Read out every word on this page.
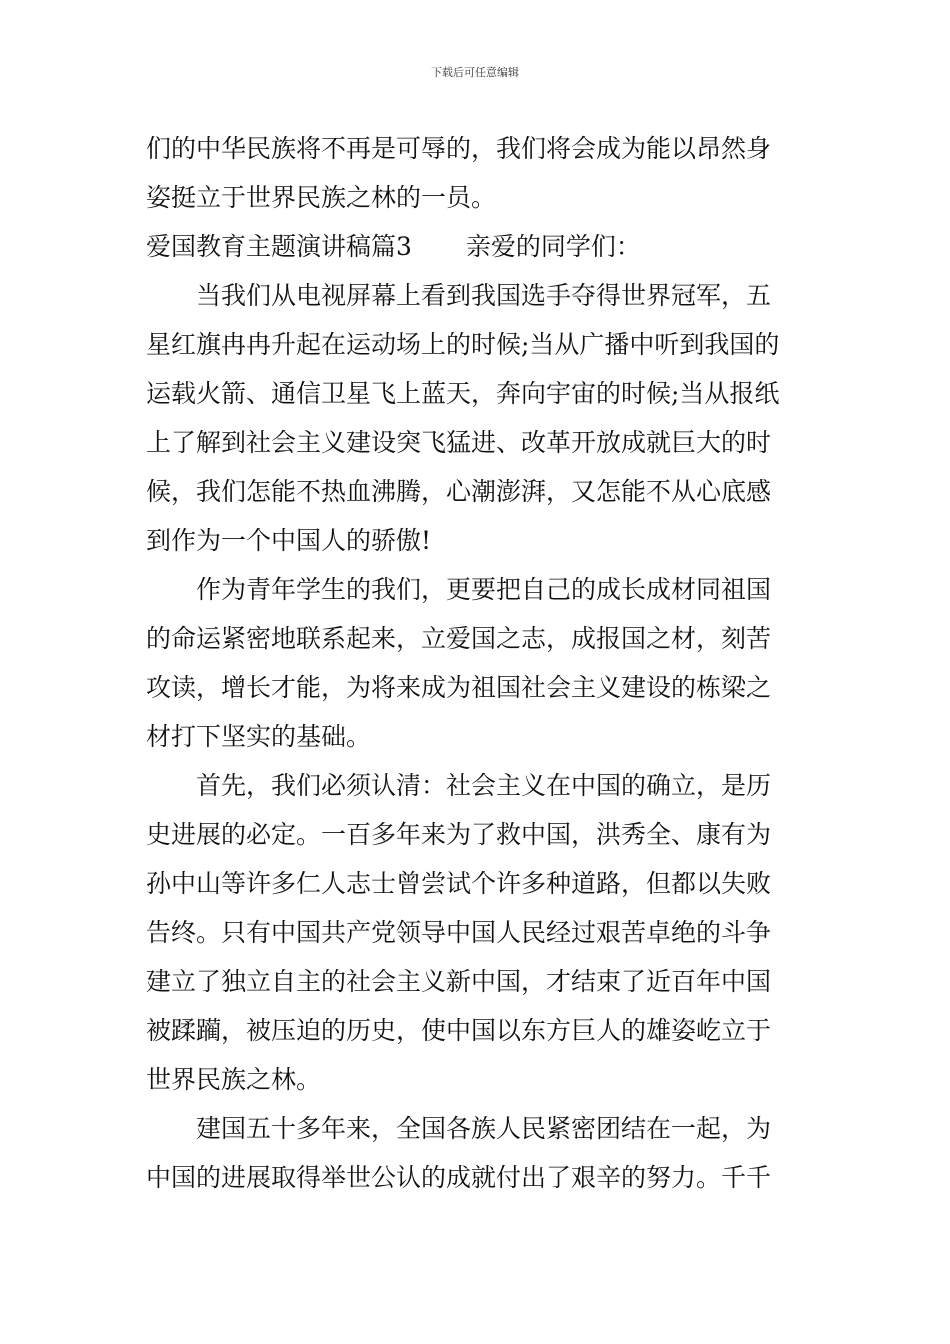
下载后可任意编辑
们的中华民族将不再是可辱的，我们将会成为能以昂然身
姿挺立于世界民族之林的一员。
爱国教育主题演讲稿篇3 亲爱的同学们：
　　当我们从电视屏幕上看到我国选手夺得世界冠军，五
星红旗冉冉升起在运动场上的时候;当从广播中听到我国的
运载火箭、通信卫星飞上蓝天，奔向宇宙的时候;当从报纸
上了解到社会主义建设突飞猛进、改革开放成就巨大的时
候，我们怎能不热血沸腾，心潮澎湃，又怎能不从心底感
到作为一个中国人的骄傲!
　　作为青年学生的我们，更要把自己的成长成材同祖国
的命运紧密地联系起来，立爱国之志，成报国之材，刻苦
攻读，增长才能，为将来成为祖国社会主义建设的栋梁之
材打下坚实的基础。
　　首先，我们必须认清：社会主义在中国的确立，是历
史进展的必定。一百多年来为了救中国，洪秀全、康有为
孙中山等许多仁人志士曾尝试个许多种道路，但都以失败
告终。只有中国共产党领导中国人民经过艰苦卓绝的斗争
建立了独立自主的社会主义新中国，才结束了近百年中国
被蹂躏，被压迫的历史，使中国以东方巨人的雄姿屹立于
世界民族之林。
　　建国五十多年来，全国各族人民紧密团结在一起，为
中国的进展取得举世公认的成就付出了艰辛的努力。千千
